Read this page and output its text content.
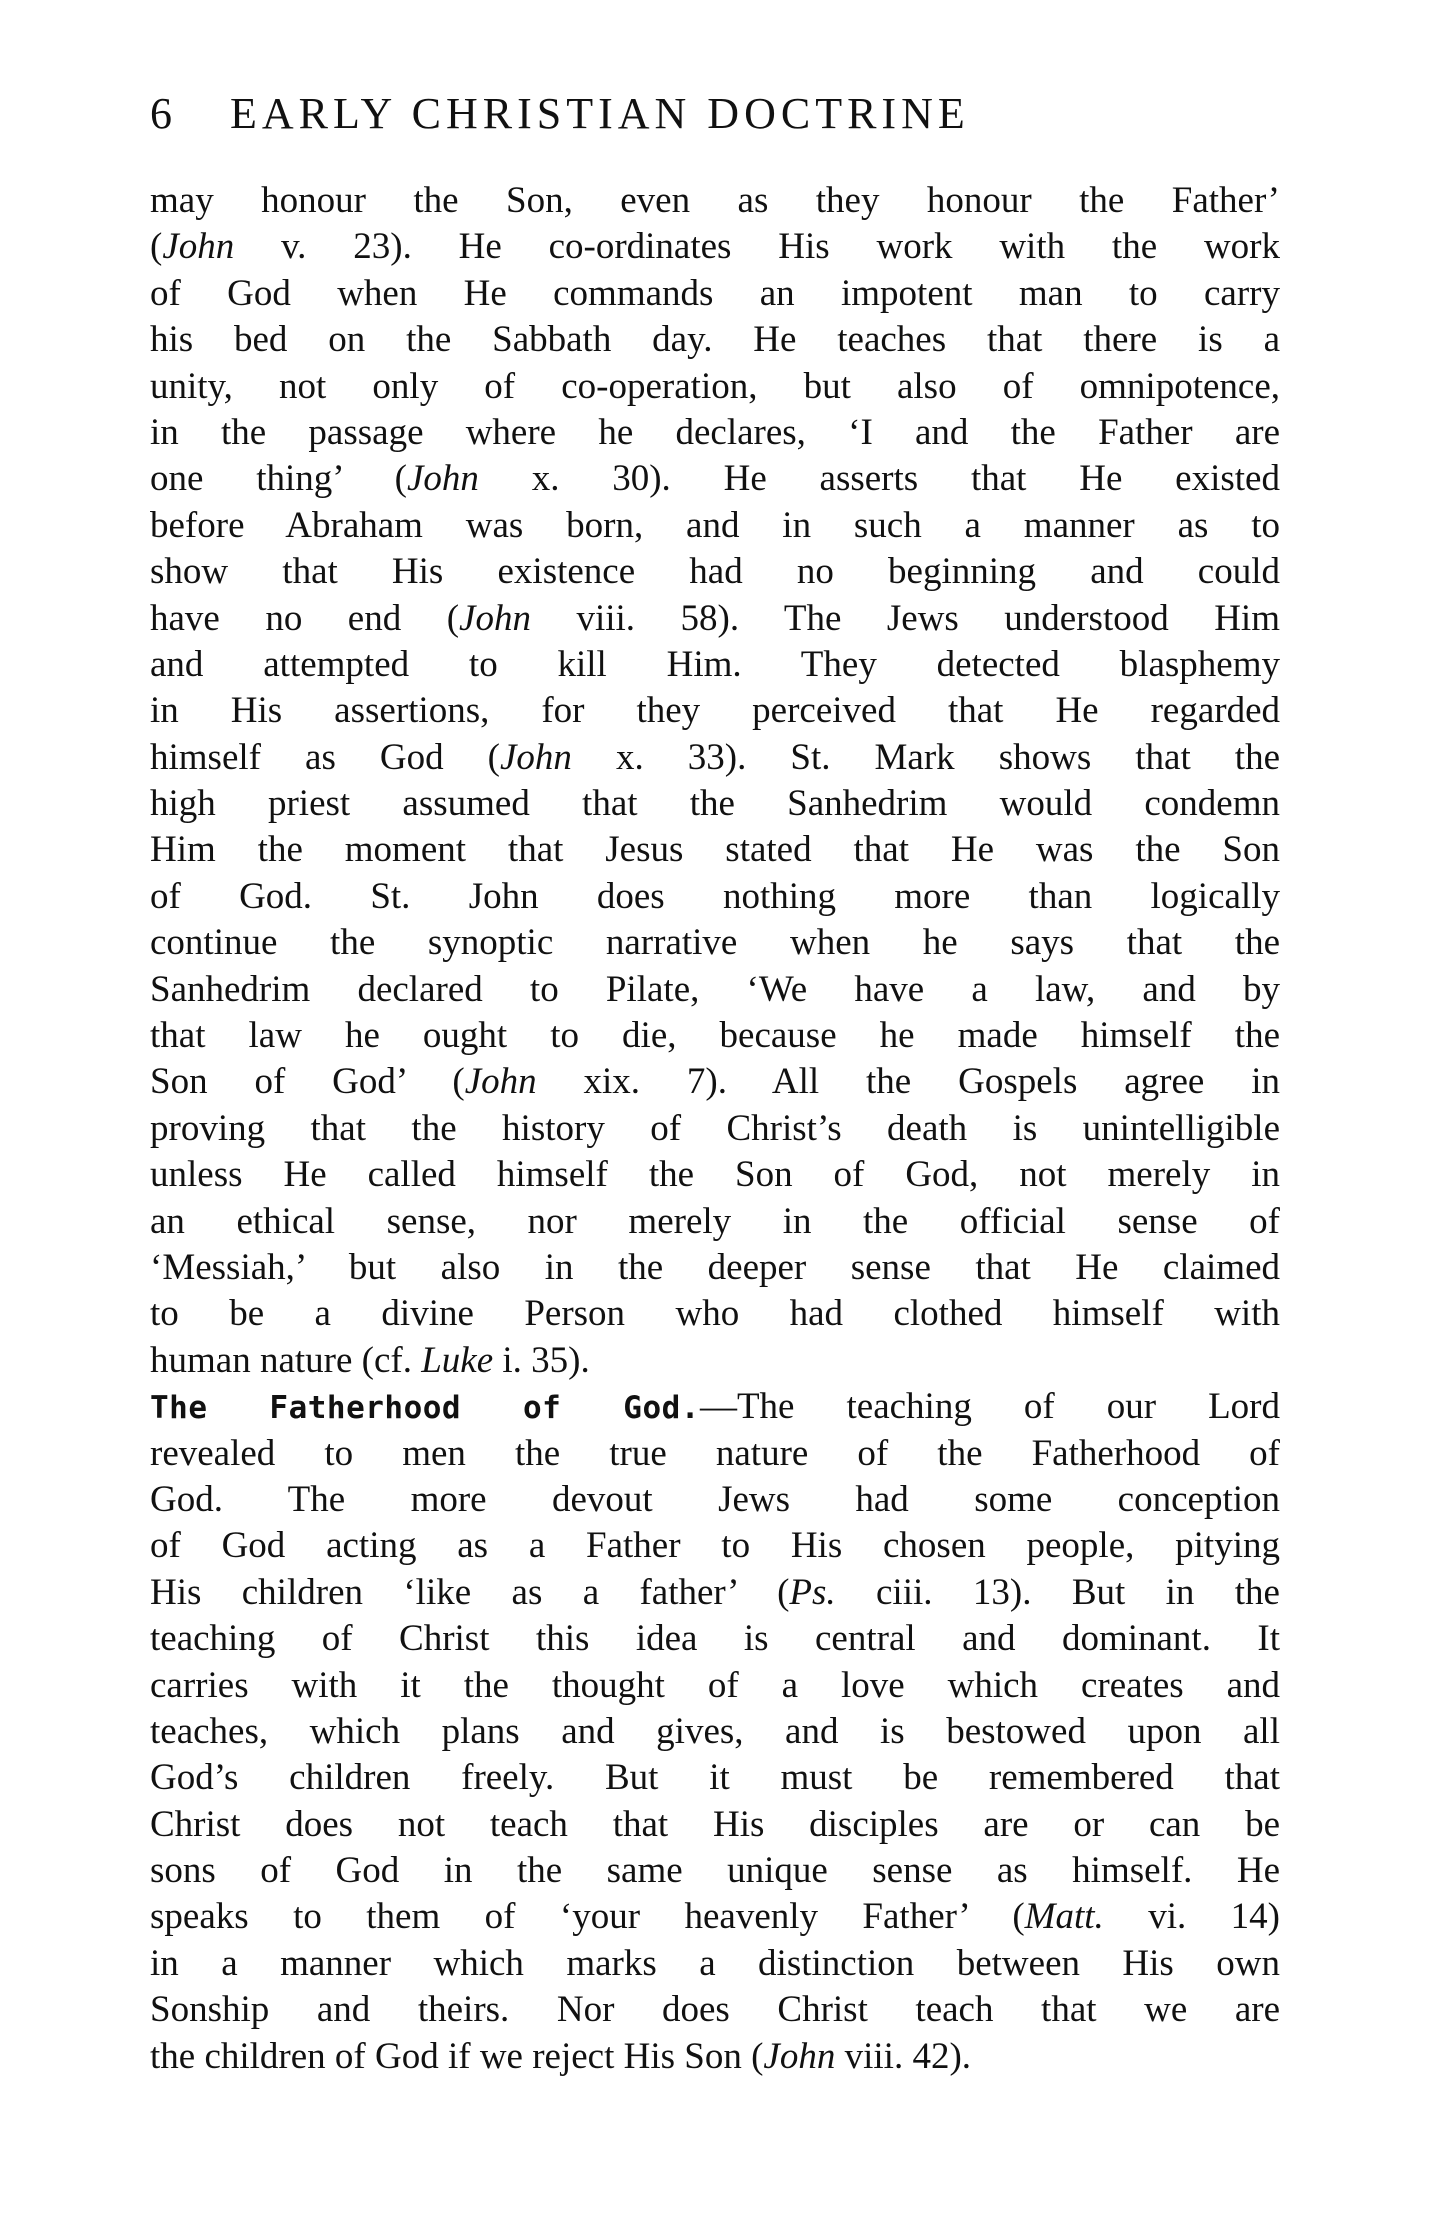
6 EARLY CHRISTIAN DOCTRINE
may honour the Son, even as they honour the Father’
(John v. 23). He co-ordinates His work with the work
of God when He commands an impotent man to carry
his bed on the Sabbath day. He teaches that there is a
unity, not only of co-operation, but also of omnipotence,
in the passage where he declares, ‘I and the Father are
one thing’ (John x. 30). He asserts that He existed
before Abraham was born, and in such a manner as to
show that His existence had no beginning and could
have no end (John viii. 58). The Jews understood Him
and attempted to kill Him. They detected blasphemy
in His assertions, for they perceived that He regarded
himself as God (John x. 33). St. Mark shows that the
high priest assumed that the Sanhedrim would condemn
Him the moment that Jesus stated that He was the Son
of God. St. John does nothing more than logically
continue the synoptic narrative when he says that the
Sanhedrim declared to Pilate, ‘We have a law, and by
that law he ought to die, because he made himself the
Son of God’ (John xix. 7). All the Gospels agree in
proving that the history of Christ’s death is unintelligible
unless He called himself the Son of God, not merely in
an ethical sense, nor merely in the official sense of
‘Messiah,’ but also in the deeper sense that He claimed
to be a divine Person who had clothed himself with
human nature (cf. Luke i. 35).
The Fatherhood of God.—The teaching of our Lord
revealed to men the true nature of the Fatherhood of
God. The more devout Jews had some conception
of God acting as a Father to His chosen people, pitying
His children ‘like as a father’ (Ps. ciii. 13). But in the
teaching of Christ this idea is central and dominant. It
carries with it the thought of a love which creates and
teaches, which plans and gives, and is bestowed upon all
God’s children freely. But it must be remembered that
Christ does not teach that His disciples are or can be
sons of God in the same unique sense as himself. He
speaks to them of ‘your heavenly Father’ (Matt. vi. 14)
in a manner which marks a distinction between His own
Sonship and theirs. Nor does Christ teach that we are
the children of God if we reject His Son (John viii. 42).
